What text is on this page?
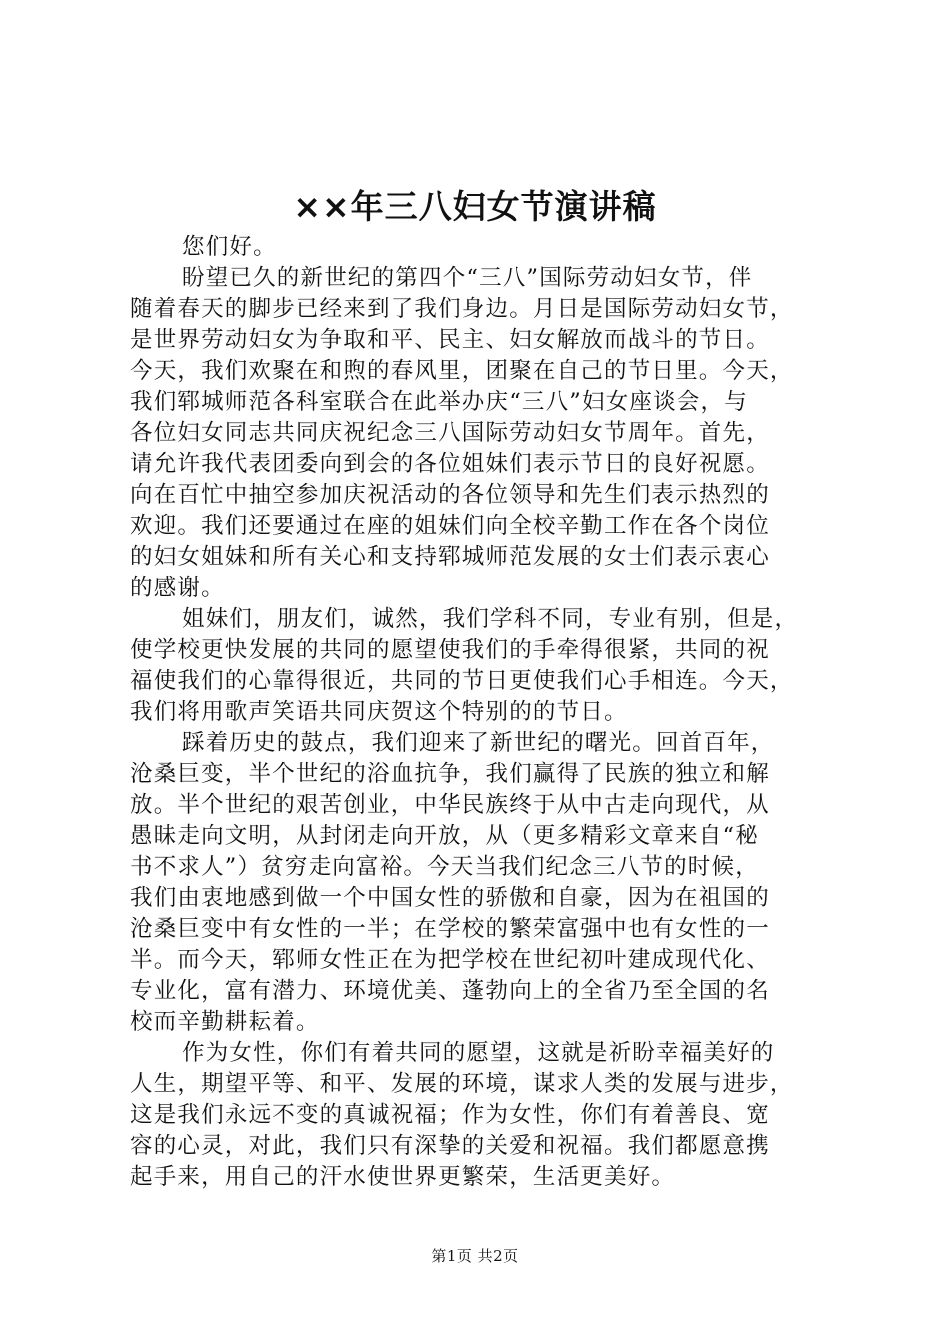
××年三八妇女节演讲稿
您们好。
盼望已久的新世纪的第四个“三八”国际劳动妇女节，伴
随着春天的脚步已经来到了我们身边。月日是国际劳动妇女节，
是世界劳动妇女为争取和平、民主、妇女解放而战斗的节日。
今天，我们欢聚在和煦的春风里，团聚在自己的节日里。今天，
我们郓城师范各科室联合在此举办庆“三八”妇女座谈会，与
各位妇女同志共同庆祝纪念三八国际劳动妇女节周年。首先，
请允许我代表团委向到会的各位姐妹们表示节日的良好祝愿。
向在百忙中抽空参加庆祝活动的各位领导和先生们表示热烈的
欢迎。我们还要通过在座的姐妹们向全校辛勤工作在各个岗位
的妇女姐妹和所有关心和支持郓城师范发展的女士们表示衷心
的感谢。
姐妹们，朋友们，诚然，我们学科不同，专业有别，但是，
使学校更快发展的共同的愿望使我们的手牵得很紧，共同的祝
福使我们的心靠得很近，共同的节日更使我们心手相连。今天，
我们将用歌声笑语共同庆贺这个特别的的节日。
踩着历史的鼓点，我们迎来了新世纪的曙光。回首百年，
沧桑巨变，半个世纪的浴血抗争，我们赢得了民族的独立和解
放。半个世纪的艰苦创业，中华民族终于从中古走向现代，从
愚昧走向文明，从封闭走向开放，从（更多精彩文章来自“秘
书不求人”）贫穷走向富裕。今天当我们纪念三八节的时候，
我们由衷地感到做一个中国女性的骄傲和自豪，因为在祖国的
沧桑巨变中有女性的一半；在学校的繁荣富强中也有女性的一
半。而今天，郓师女性正在为把学校在世纪初叶建成现代化、
专业化，富有潜力、环境优美、蓬勃向上的全省乃至全国的名
校而辛勤耕耘着。
作为女性，你们有着共同的愿望，这就是祈盼幸福美好的
人生，期望平等、和平、发展的环境，谋求人类的发展与进步，
这是我们永远不变的真诚祝福；作为女性，你们有着善良、宽
容的心灵，对此，我们只有深挚的关爱和祝福。我们都愿意携
起手来，用自己的汗水使世界更繁荣，生活更美好。
第1页 共2页
